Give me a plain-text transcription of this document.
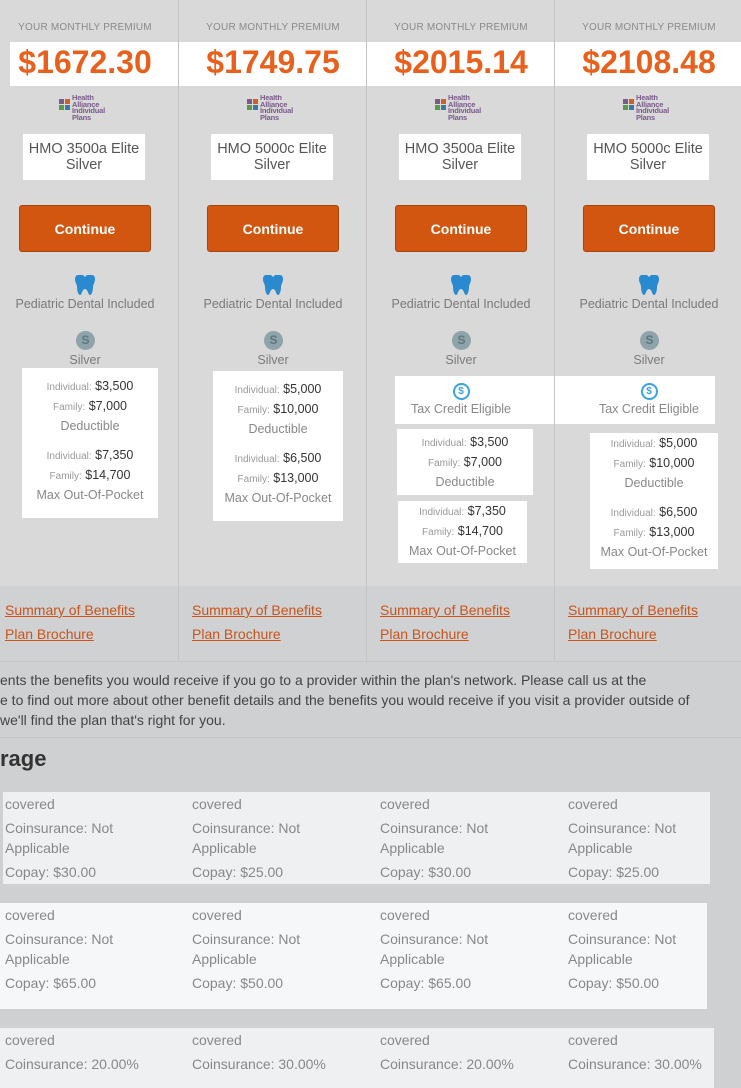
YOUR MONTHLY PREMIUM
$1672.30
Health Alliance Individual Plans
HMO 3500a Elite Silver
Continue
Pediatric Dental Included
S
Silver
Individual: $3,500
Family: $7,000
Deductible
Individual: $7,350
Family: $14,700
Max Out-Of-Pocket
YOUR MONTHLY PREMIUM
$1749.75
Health Alliance Individual Plans
HMO 5000c Elite Silver
Continue
Pediatric Dental Included
S
Silver
Individual: $5,000
Family: $10,000
Deductible
Individual: $6,500
Family: $13,000
Max Out-Of-Pocket
YOUR MONTHLY PREMIUM
$2015.14
Health Alliance Individual Plans
HMO 3500a Elite Silver
Continue
Pediatric Dental Included
S
Silver
Individual: $3,500
Family: $7,000
Deductible
Individual: $7,350
Family: $14,700
Max Out-Of-Pocket
YOUR MONTHLY PREMIUM
$2108.48
Health Alliance Individual Plans
HMO 5000c Elite Silver
Continue
Pediatric Dental Included
S
Silver
Individual: $5,000
Family: $10,000
Deductible
Individual: $6,500
Family: $13,000
Max Out-Of-Pocket
$
Tax Credit Eligible
$
Tax Credit Eligible
Summary of Benefits
Plan Brochure
Summary of Benefits
Plan Brochure
Summary of Benefits
Plan Brochure
Summary of Benefits
Plan Brochure
ents the benefits you would receive if you go to a provider within the plan's network. Please call us at the
e to find out more about other benefit details and the benefits you would receive if you visit a provider outside of
we'll find the plan that's right for you.
rage
covered
Coinsurance: Not
Applicable
Copay: $30.00
covered
Coinsurance: Not
Applicable
Copay: $25.00
covered
Coinsurance: Not
Applicable
Copay: $30.00
covered
Coinsurance: Not
Applicable
Copay: $25.00
covered
Coinsurance: Not
Applicable
Copay: $65.00
covered
Coinsurance: Not
Applicable
Copay: $50.00
covered
Coinsurance: Not
Applicable
Copay: $65.00
covered
Coinsurance: Not
Applicable
Copay: $50.00
covered
Coinsurance: 20.00%
covered
Coinsurance: 30.00%
covered
Coinsurance: 20.00%
covered
Coinsurance: 30.00%
